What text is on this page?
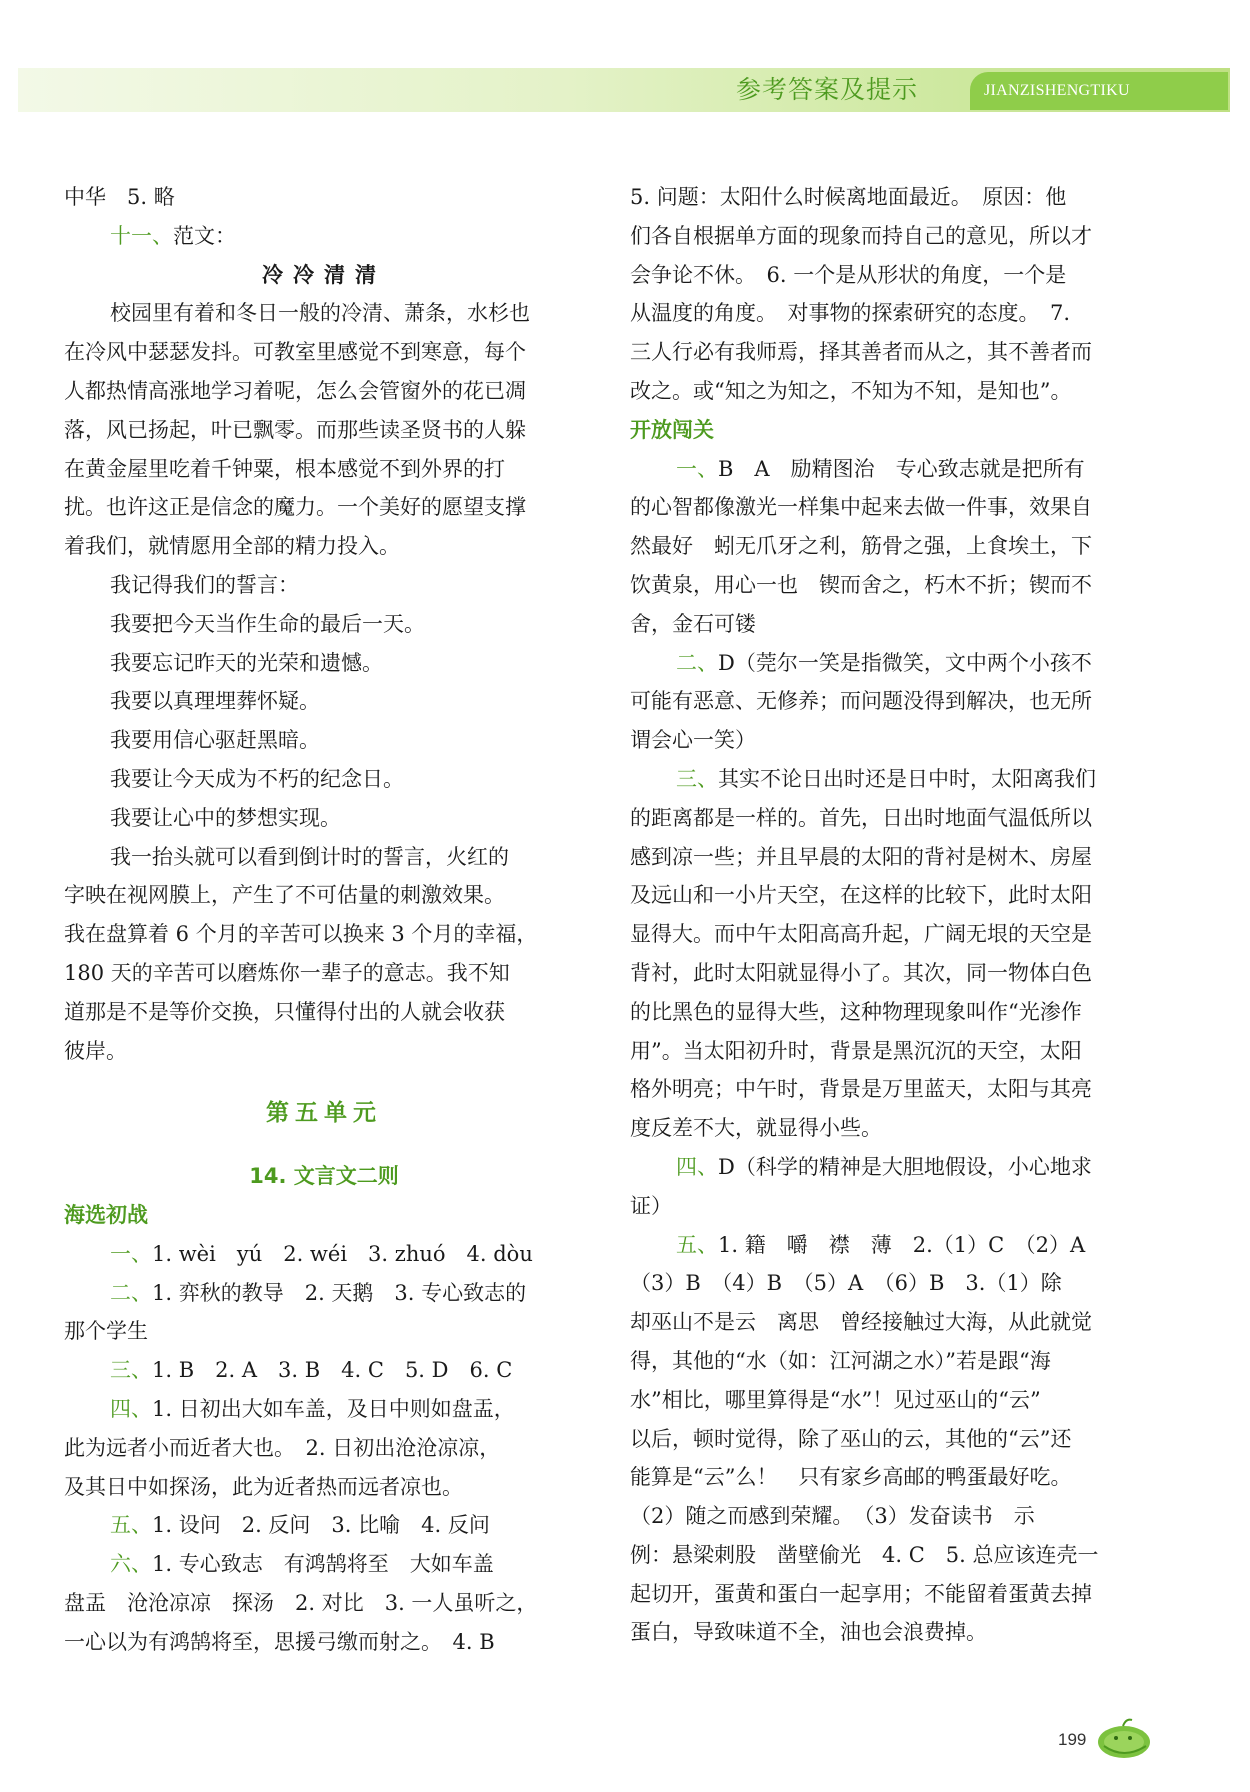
参考答案及提示	JIANZISHENGTIKU
中华　5. 略
十一、范文：
冷冷清清
校园里有着和冬日一般的冷清、萧条，水杉也
在冷风中瑟瑟发抖。可教室里感觉不到寒意，每个
人都热情高涨地学习着呢，怎么会管窗外的花已凋
落，风已扬起，叶已飘零。而那些读圣贤书的人躲
在黄金屋里吃着千钟粟，根本感觉不到外界的打
扰。也许这正是信念的魔力。一个美好的愿望支撑
着我们，就情愿用全部的精力投入。
我记得我们的誓言：
我要把今天当作生命的最后一天。
我要忘记昨天的光荣和遗憾。
我要以真理埋葬怀疑。
我要用信心驱赶黑暗。
我要让今天成为不朽的纪念日。
我要让心中的梦想实现。
我一抬头就可以看到倒计时的誓言，火红的
字映在视网膜上，产生了不可估量的刺激效果。
我在盘算着 6 个月的辛苦可以换来 3 个月的幸福，
180 天的辛苦可以磨炼你一辈子的意志。我不知
道那是不是等价交换，只懂得付出的人就会收获
彼岸。
第五单元
14. 文言文二则
海选初战
一、1. wèi　yú　2. wéi　3. zhuó　4. dòu
二、1. 弈秋的教导　2. 天鹅　3. 专心致志的
那个学生
三、1. B　2. A　3. B　4. C　5. D　6. C
四、1. 日初出大如车盖，及日中则如盘盂，
此为远者小而近者大也。　2. 日初出沧沧凉凉，
及其日中如探汤，此为近者热而远者凉也。
五、1. 设问　2. 反问　3. 比喻　4. 反问
六、1. 专心致志　有鸿鹄将至　大如车盖
盘盂　沧沧凉凉　探汤　2. 对比　3. 一人虽听之，
一心以为有鸿鹄将至，思援弓缴而射之。　4. B
5. 问题：太阳什么时候离地面最近。　原因：他
们各自根据单方面的现象而持自己的意见，所以才
会争论不休。　6. 一个是从形状的角度，一个是
从温度的角度。　对事物的探索研究的态度。　7.
三人行必有我师焉，择其善者而从之，其不善者而
改之。或“知之为知之，不知为不知，是知也”。
开放闯关
一、B　A　励精图治　专心致志就是把所有
的心智都像激光一样集中起来去做一件事，效果自
然最好　蚓无爪牙之利，筋骨之强，上食埃土，下
饮黄泉，用心一也　锲而舍之，朽木不折；锲而不
舍，金石可镂
二、D（莞尔一笑是指微笑，文中两个小孩不
可能有恶意、无修养；而问题没得到解决，也无所
谓会心一笑）
三、其实不论日出时还是日中时，太阳离我们
的距离都是一样的。首先，日出时地面气温低所以
感到凉一些；并且早晨的太阳的背衬是树木、房屋
及远山和一小片天空，在这样的比较下，此时太阳
显得大。而中午太阳高高升起，广阔无垠的天空是
背衬，此时太阳就显得小了。其次，同一物体白色
的比黑色的显得大些，这种物理现象叫作“光渗作
用”。当太阳初升时，背景是黑沉沉的天空，太阳
格外明亮；中午时，背景是万里蓝天，太阳与其亮
度反差不大，就显得小些。
四、D（科学的精神是大胆地假设，小心地求
证）
五、1. 籍　嚼　襟　薄　2.（1）C　（2）A
（3）B　（4）B　（5）A　（6）B　3.（1）除
却巫山不是云　离思　曾经接触过大海，从此就觉
得，其他的“水（如：江河湖之水）”若是跟“海
水”相比，哪里算得是“水”！见过巫山的“云”
以后，顿时觉得，除了巫山的云，其他的“云”还
能算是“云”么！　只有家乡高邮的鸭蛋最好吃。
（2）随之而感到荣耀。　（3）发奋读书　示
例：悬梁刺股　凿壁偷光　4. C　5. 总应该连壳一
起切开，蛋黄和蛋白一起享用；不能留着蛋黄去掉
蛋白，导致味道不全，油也会浪费掉。
199
